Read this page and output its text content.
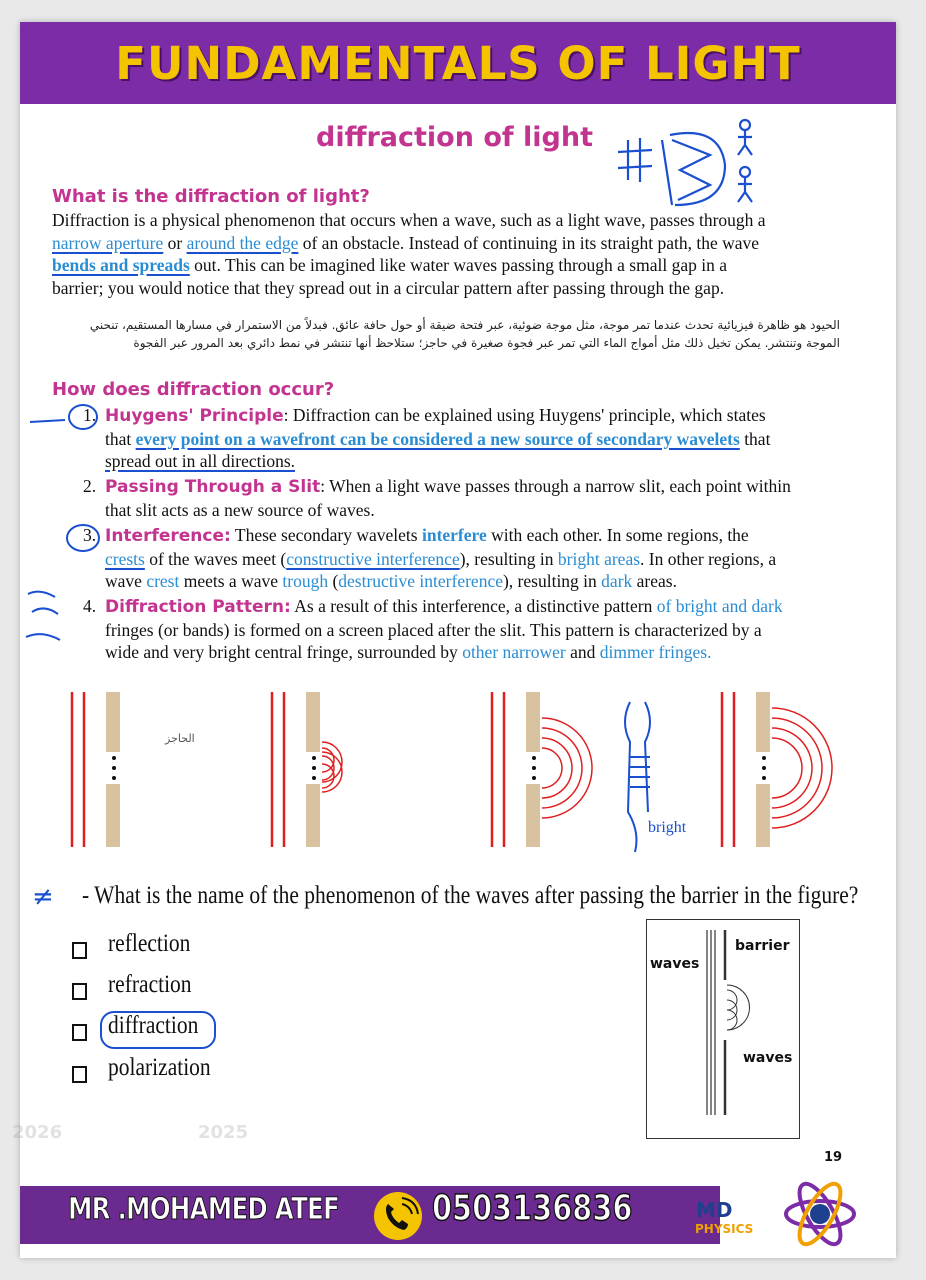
FUNDAMENTALS OF LIGHT
diffraction of light
What is the diffraction of light?
Diffraction is a physical phenomenon that occurs when a wave, such as a light wave, passes through a
narrow aperture or around the edge of an obstacle. Instead of continuing in its straight path, the wave
bends and spreads out. This can be imagined like water waves passing through a small gap in a
barrier; you would notice that they spread out in a circular pattern after passing through the gap.
الحيود هو ظاهرة فيزيائية تحدث عندما تمر موجة، مثل موجة ضوئية، عبر فتحة ضيقة أو حول حافة عائق. فبدلاً من الاستمرار في مسارها المستقيم، تنحني
الموجة وتنتشر. يمكن تخيل ذلك مثل أمواج الماء التي تمر عبر فجوة صغيرة في حاجز؛ ستلاحظ أنها تنتشر في نمط دائري بعد المرور عبر الفجوة
How does diffraction occur?
1. Huygens' Principle: Diffraction can be explained using Huygens' principle, which states
that every point on a wavefront can be considered a new source of secondary wavelets that
spread out in all directions.
2. Passing Through a Slit: When a light wave passes through a narrow slit, each point within
that slit acts as a new source of waves.
3. Interference: These secondary wavelets interfere with each other. In some regions, the
crests of the waves meet (constructive interference), resulting in bright areas. In other regions, a
wave crest meets a wave trough (destructive interference), resulting in dark areas.
4. Diffraction Pattern: As a result of this interference, a distinctive pattern of bright and dark
fringes (or bands) is formed on a screen placed after the slit. This pattern is characterized by a
wide and very bright central fringe, surrounded by other narrower and dimmer fringes.
bright
الحاجز
≠ - What is the name of the phenomenon of the waves after passing the barrier in the figure?
reflection
refraction
diffraction
polarization
waves
barrier
waves
2026	2025
MR .MOHAMED ATEF	0503136836
19
MD
PHYSICS
